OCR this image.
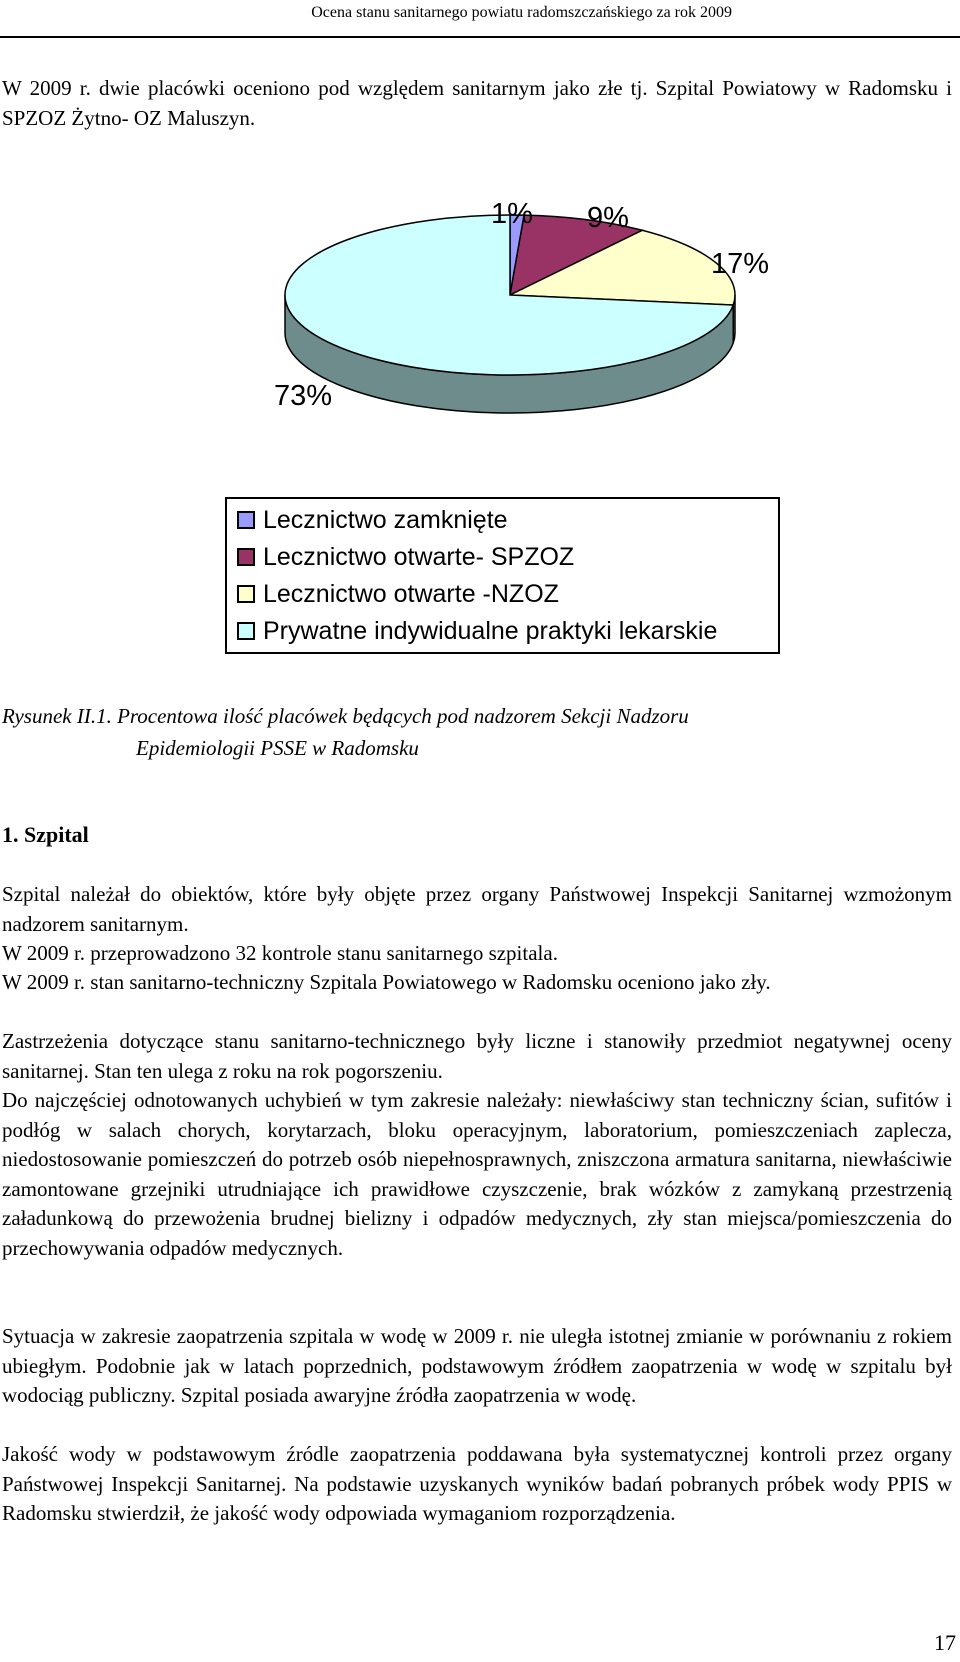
Ocena stanu sanitarnego powiatu radomszczańskiego za rok 2009
W 2009 r. dwie placówki oceniono pod względem sanitarnym jako złe tj. Szpital Powiatowy w Radomsku i SPZOZ Żytno- OZ Maluszyn.
1% 9%
17%
73%
Lecznictwo zamknięte
Lecznictwo otwarte- SPZOZ
Lecznictwo otwarte -NZOZ
Prywatne indywidualne praktyki lekarskie
Rysunek II.1. Procentowa ilość placówek będących pod nadzorem Sekcji Nadzoru
Epidemiologii PSSE w Radomsku
1. Szpital
Szpital należał do obiektów, które były objęte przez organy Państwowej Inspekcji Sanitarnej wzmożonym nadzorem sanitarnym.
W 2009 r. przeprowadzono 32 kontrole stanu sanitarnego szpitala.
W 2009 r. stan sanitarno-techniczny Szpitala Powiatowego w Radomsku oceniono jako zły.
Zastrzeżenia dotyczące stanu sanitarno-technicznego były liczne i stanowiły przedmiot negatywnej oceny sanitarnej. Stan ten ulega z roku na rok pogorszeniu.
Do najczęściej odnotowanych uchybień w tym zakresie należały: niewłaściwy stan techniczny ścian, sufitów i podłóg w salach chorych, korytarzach, bloku operacyjnym, laboratorium, pomieszczeniach zaplecza, niedostosowanie pomieszczeń do potrzeb osób niepełnosprawnych, zniszczona armatura sanitarna, niewłaściwie zamontowane grzejniki utrudniające ich prawidłowe czyszczenie, brak wózków z zamykaną przestrzenią załadunkową do przewożenia brudnej bielizny i odpadów medycznych, zły stan miejsca/pomieszczenia do przechowywania odpadów medycznych.
Sytuacja w zakresie zaopatrzenia szpitala w wodę w 2009 r. nie uległa istotnej zmianie w porównaniu z rokiem ubiegłym. Podobnie jak w latach poprzednich, podstawowym źródłem zaopatrzenia w wodę w szpitalu był wodociąg publiczny. Szpital posiada awaryjne źródła zaopatrzenia w wodę.
Jakość wody w podstawowym źródle zaopatrzenia poddawana była systematycznej kontroli przez organy Państwowej Inspekcji Sanitarnej. Na podstawie uzyskanych wyników badań pobranych próbek wody PPIS w Radomsku stwierdził, że jakość wody odpowiada wymaganiom rozporządzenia.
17
